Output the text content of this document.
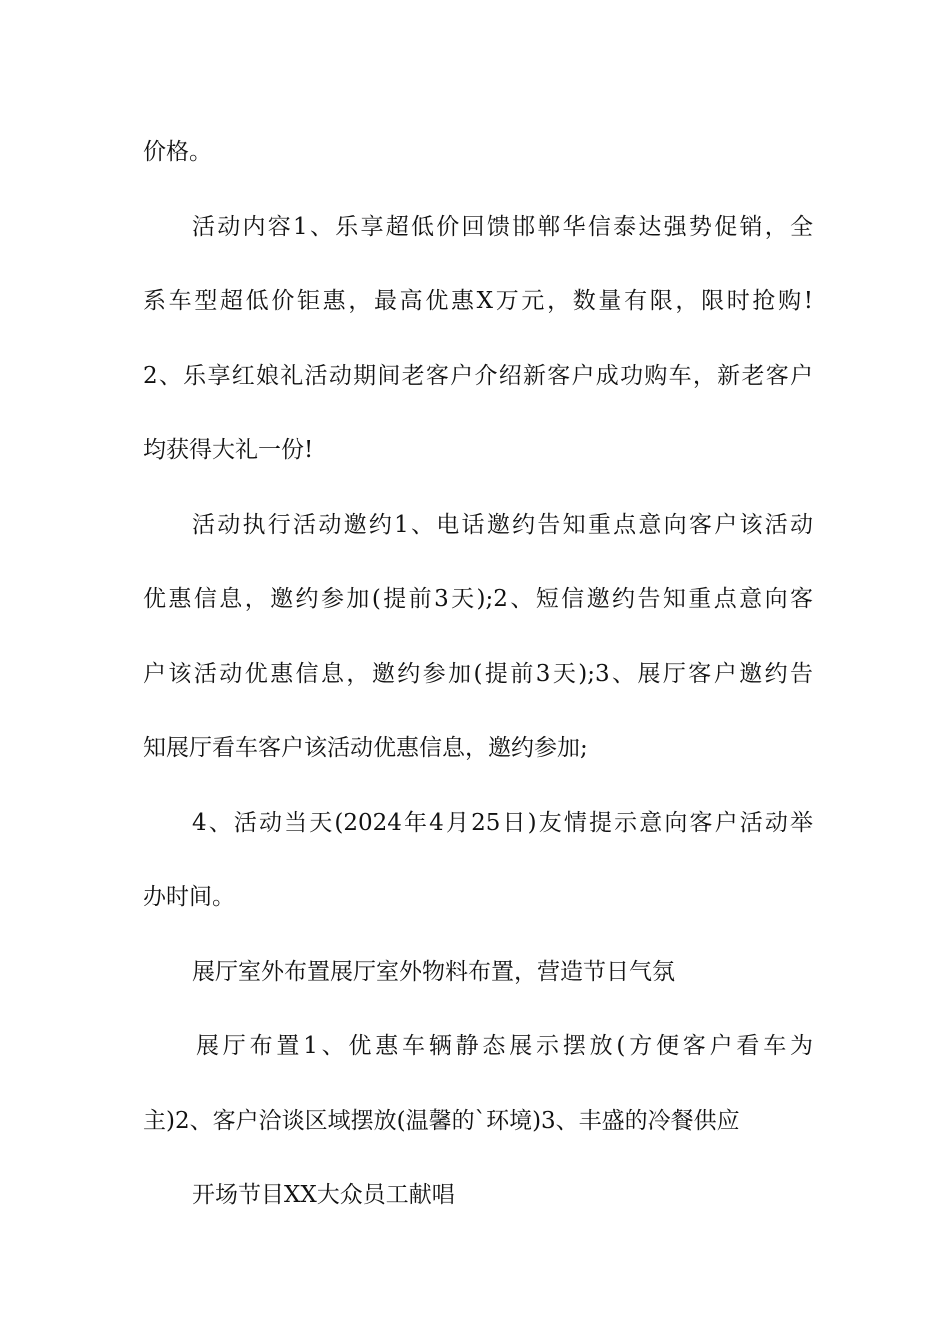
价格。
活动内容1、乐享超低价回馈邯郸华信泰达强势促销，全
系车型超低价钜惠，最高优惠X万元，数量有限，限时抢购!
2、乐享红娘礼活动期间老客户介绍新客户成功购车，新老客户
均获得大礼一份!
活动执行活动邀约1、电话邀约告知重点意向客户该活动
优惠信息，邀约参加(提前3天);2、短信邀约告知重点意向客
户该活动优惠信息，邀约参加(提前3天);3、展厅客户邀约告
知展厅看车客户该活动优惠信息，邀约参加;
4、活动当天(2024年4月25日)友情提示意向客户活动举
办时间。
展厅室外布置展厅室外物料布置，营造节日气氛
展厅布置1、优惠车辆静态展示摆放(方便客户看车为
主)2、客户洽谈区域摆放(温馨的`环境)3、丰盛的冷餐供应
开场节目XX大众员工献唱
